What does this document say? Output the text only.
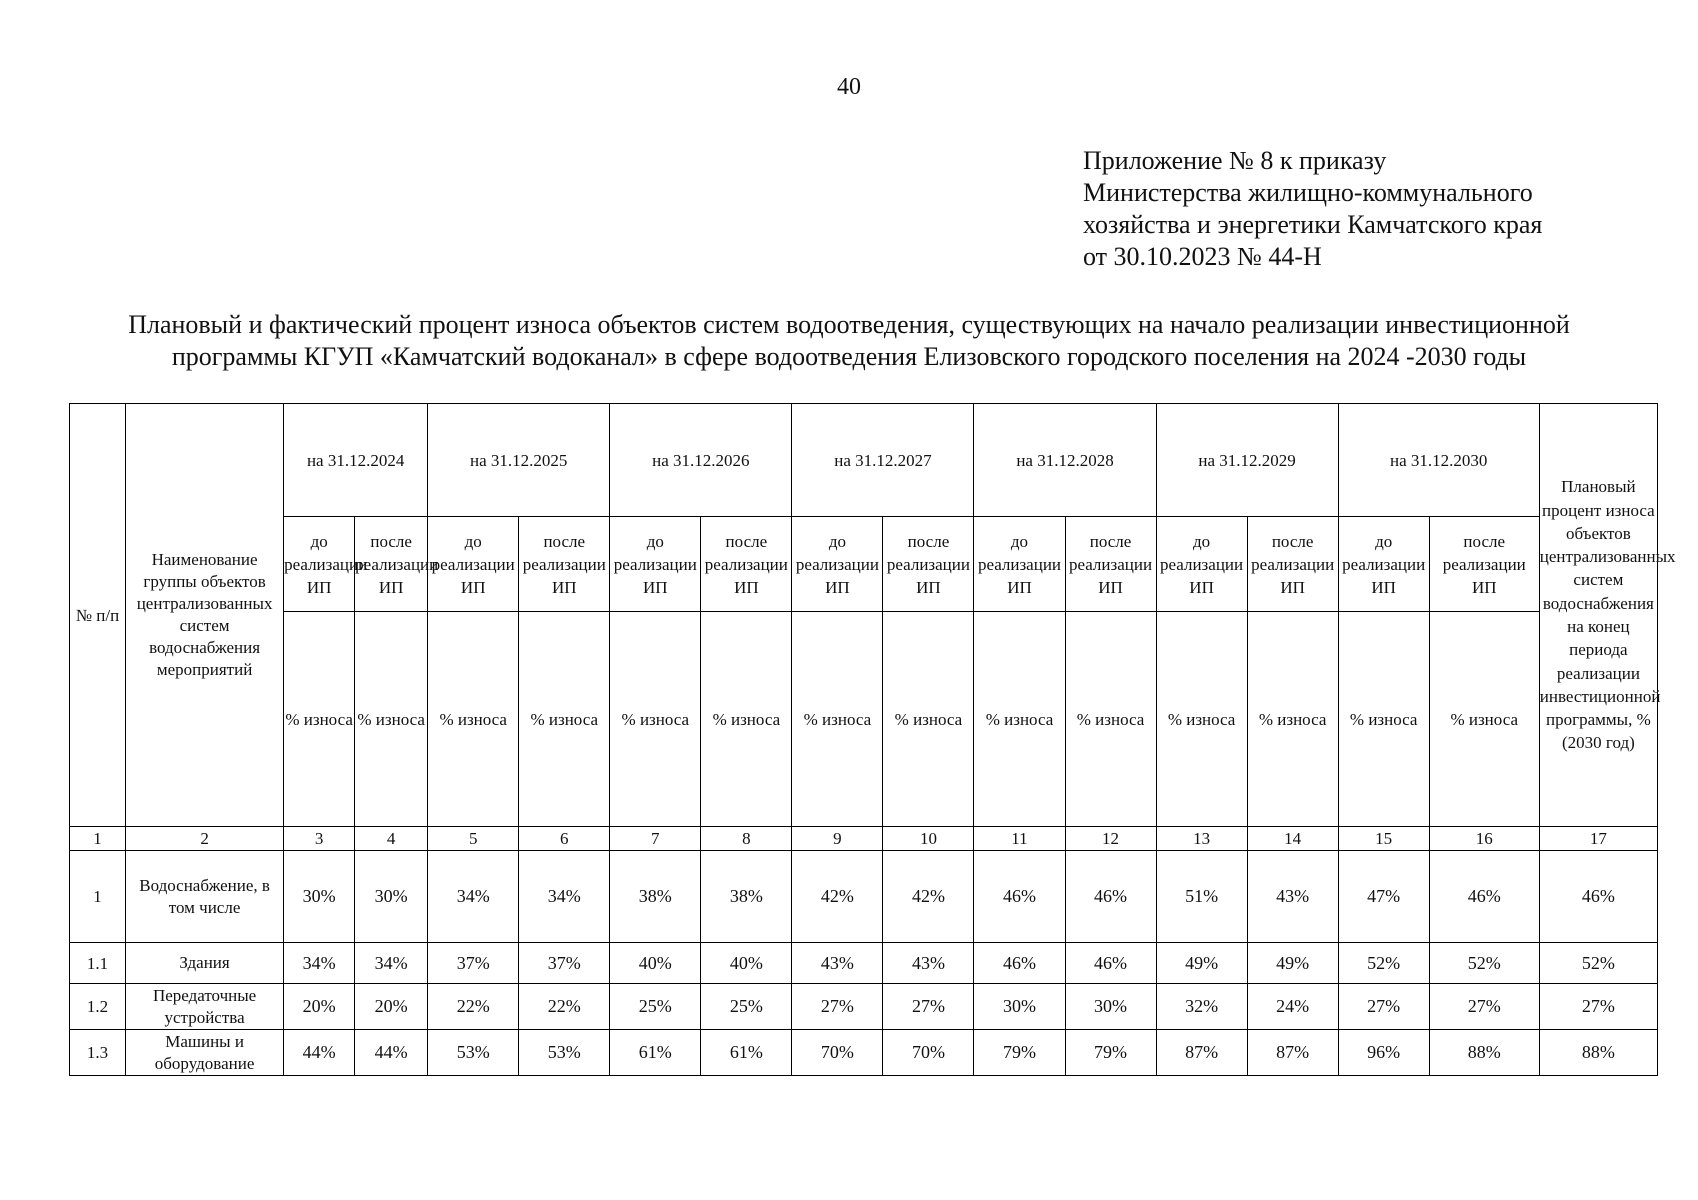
40
Приложение № 8 к приказу
Министерства жилищно-коммунального
хозяйства и энергетики Камчатского края
от 30.10.2023 № 44-Н
Плановый и фактический процент износа объектов систем водоотведения, существующих на начало реализации инвестиционной
программы КГУП «Камчатский водоканал» в сфере водоотведения Елизовского городского поселения на 2024 -2030 годы
№ п/п	Наименование группы объектов централизованных систем водоснабжения мероприятий	на 31.12.2024		на 31.12.2025		на 31.12.2026		на 31.12.2027		на 31.12.2028		на 31.12.2029		на 31.12.2030		Плановый процент износа объектов централизованных систем водоснабжения на конец периода реализации инвестиционной программы, % (2030 год)
		до реализации ИП	после реализации ИП	до реализации ИП	после реализации ИП	до реализации ИП	после реализации ИП	до реализации ИП	после реализации ИП	до реализации ИП	после реализации ИП	до реализации ИП	после реализации ИП	до реализации ИП	после реализации ИП	
		% износа	% износа	% износа	% износа	% износа	% износа	% износа	% износа	% износа	% износа	% износа	% износа	% износа	% износа	
1	2	3	4	5	6	7	8	9	10	11	12	13	14	15	16	17
1	Водоснабжение, в том числе	30%	30%	34%	34%	38%	38%	42%	42%	46%	46%	51%	43%	47%	46%	46%
1.1	Здания	34%	34%	37%	37%	40%	40%	43%	43%	46%	46%	49%	49%	52%	52%	52%
1.2	Передаточные устройства	20%	20%	22%	22%	25%	25%	27%	27%	30%	30%	32%	24%	27%	27%	27%
1.3	Машины и оборудование	44%	44%	53%	53%	61%	61%	70%	70%	79%	79%	87%	87%	96%	88%	88%
